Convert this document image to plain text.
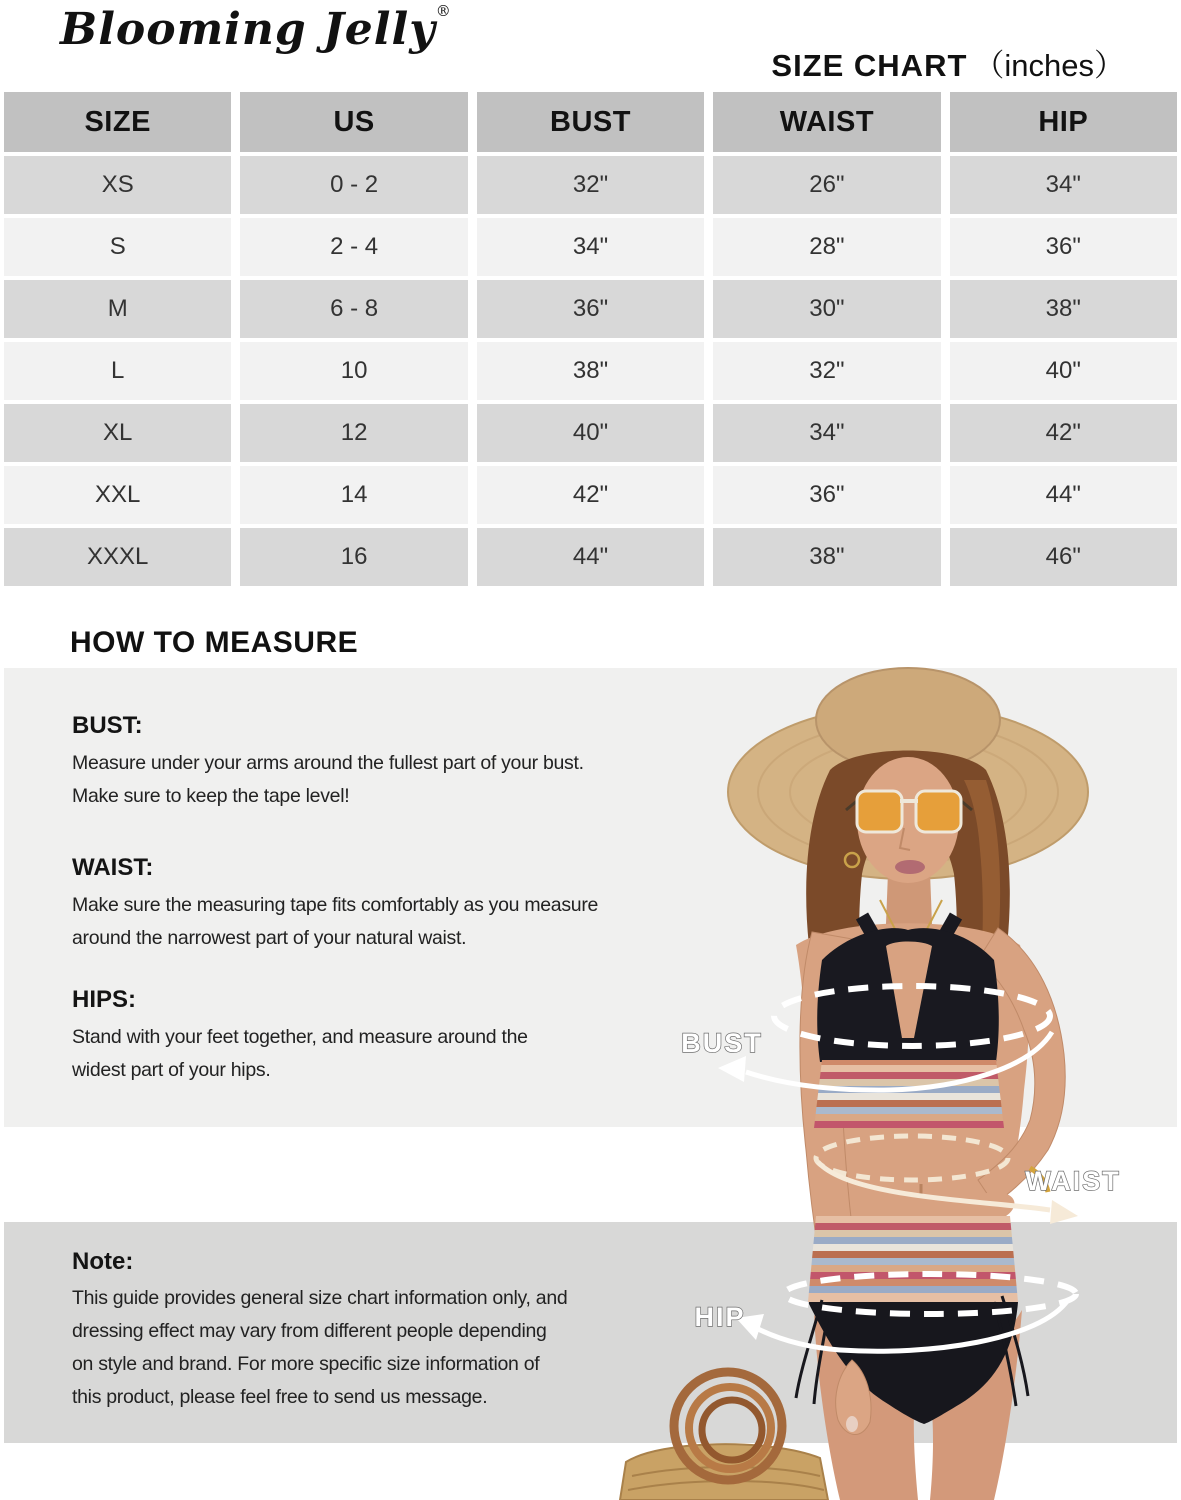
Blooming Jelly®
SIZE CHART （inches）
SIZE	US	BUST	WAIST	HIP
XS	0 - 2	32"	26"	34"
S	2 - 4	34"	28"	36"
M	6 - 8	36"	30"	38"
L	10	38"	32"	40"
XL	12	40"	34"	42"
XXL	14	42"	36"	44"
XXXL	16	44"	38"	46"
HOW TO MEASURE
BUST:
Measure under your arms around the fullest part of your bust.
Make sure to keep the tape level!
WAIST:
Make sure the measuring tape fits comfortably as you measure
around the narrowest part of your natural waist.
HIPS:
Stand with your feet together, and measure around the
widest part of your hips.
Note:
This guide provides general size chart information only, and
dressing effect may vary from different people depending
on style and brand. For more specific size information of
this product, please feel free to send us message.
BUST
WAIST
HIP
